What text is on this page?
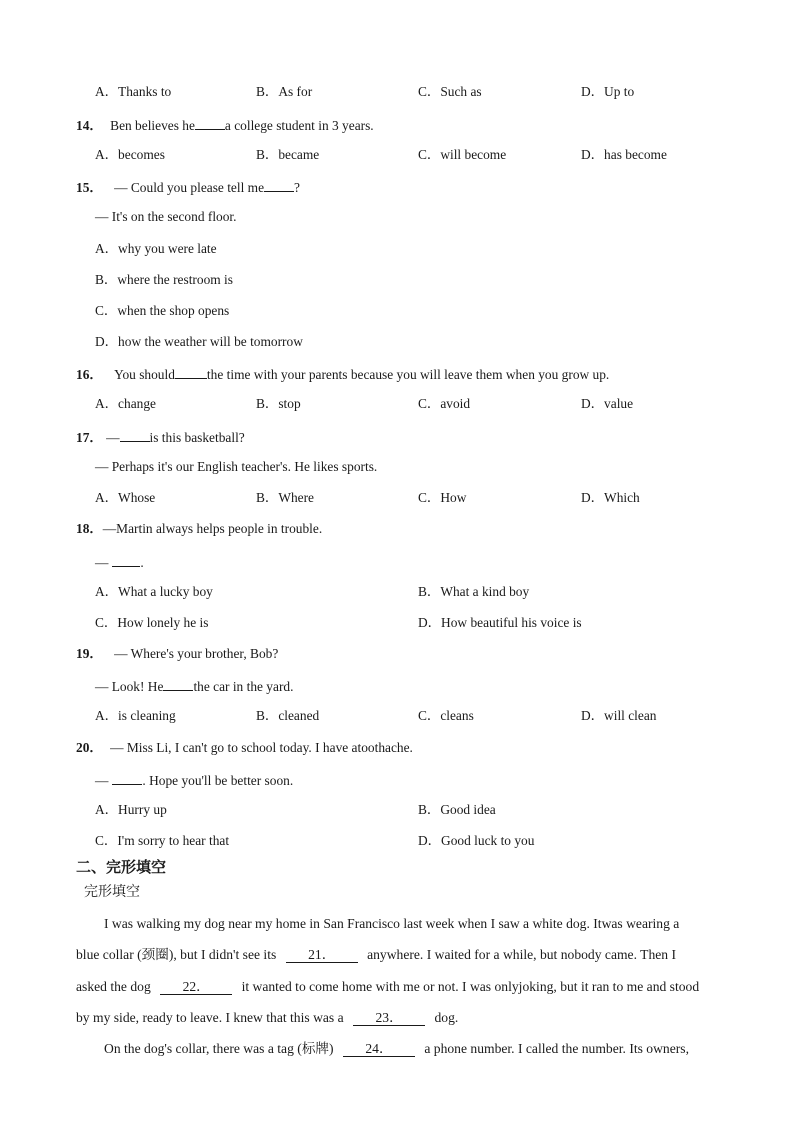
A．Thanks to	B．As for	C．Such as	D．Up to
14． Ben believes he a college student in 3 years.
A．becomes	B．became	C．will become	D．has become
15． — Could you please tell me ?
— It's on the second floor.
A．why you were late
B．where the restroom is
C．when the shop opens
D．how the weather will be tomorrow
16． You should the time with your parents because you will leave them when you grow up.
A．change	B．stop	C．avoid	D．value
17． — is this basketball?
— Perhaps it's our English teacher's. He likes sports.
A．Whose	B．Where	C．How	D．Which
18．—Martin always helps people in trouble.
— .
A．What a lucky boy	B．What a kind boy
C．How lonely he is	D．How beautiful his voice is
19． — Where's your brother, Bob?
— Look! He the car in the yard.
A．is cleaning	B．cleaned	C．cleans	D．will clean
20． — Miss Li, I can't go to school today. I have atoothache.
—	. Hope you'll be better soon.
A．Hurry up	B．Good idea
C．I'm sorry to hear that	D．Good luck to you
二、完形填空
完形填空
I was walking my dog near my home in San Francisco last week when I saw a white dog. Itwas wearing a
blue collar (颈圈), but I didn't see its 21． anywhere. I waited for a while, but nobody came. Then I
asked the dog 22． it wanted to come home with me or not. I was onlyjoking, but it ran to me and stood
by my side, ready to leave. I knew that this was a 23． dog.
On the dog's collar, there was a tag (标牌) 24． a phone number. I called the number. Its owners,
